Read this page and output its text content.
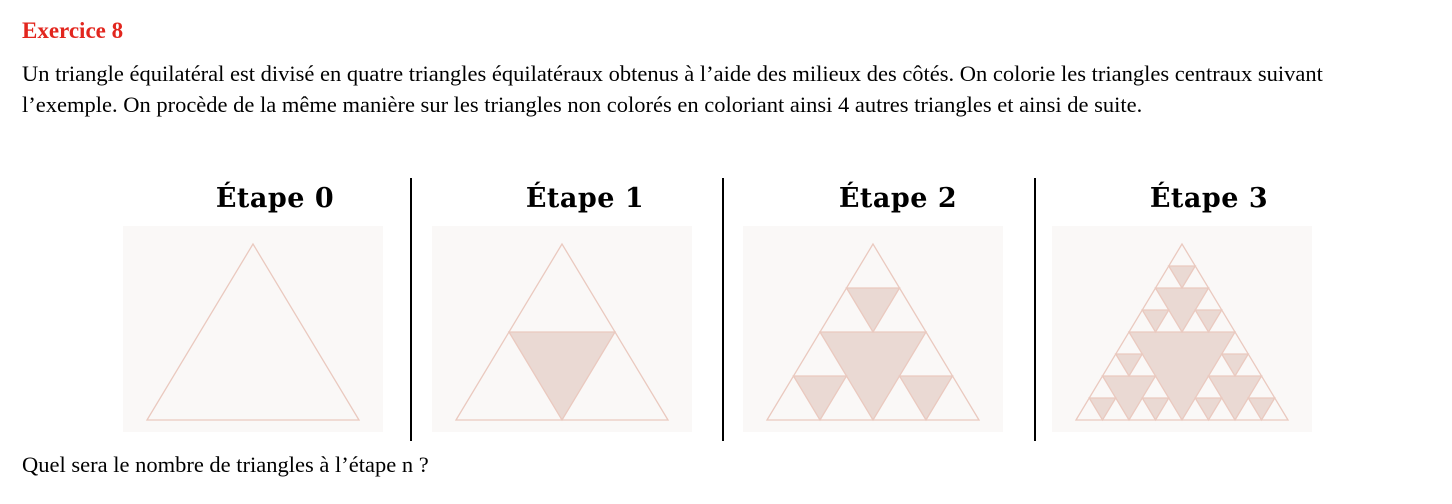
Exercice 8

Un triangle équilatéral est divisé en quatre triangles équilatéraux obtenus à l’aide des milieux des côtés. On colorie les triangles centraux suivant l’exemple. On procède de la même manière sur les triangles non colorés en coloriant ainsi 4 autres triangles et ainsi de suite.

Étape 0	Étape 1	Étape 2	Étape 3

Quel sera le nombre de triangles à l’étape n ?
